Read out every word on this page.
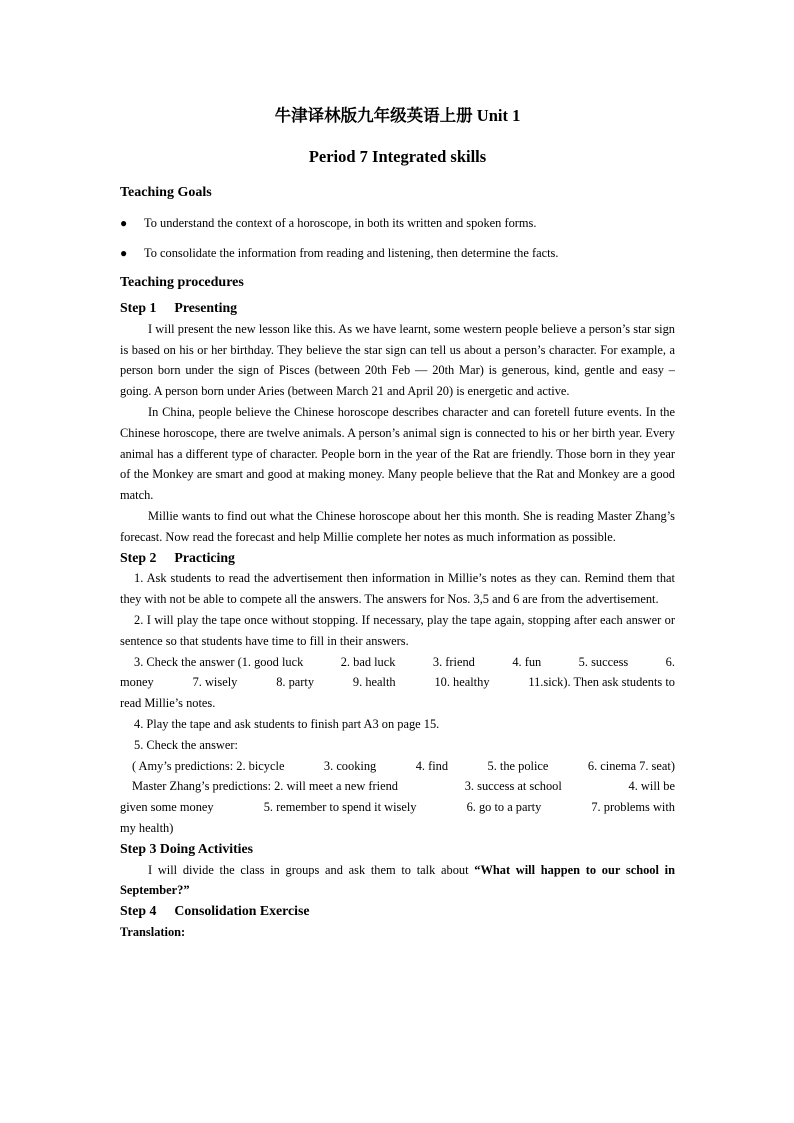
牛津译林版九年级英语上册 Unit 1
Period 7 Integrated skills
Teaching Goals
●	To understand the context of a horoscope, in both its written and spoken forms.
●	To consolidate the information from reading and listening, then determine the facts.
Teaching procedures
Step 1 Presenting

I will present the new lesson like this. As we have learnt, some western people believe a person’s star sign is based on his or her birthday. They believe the star sign can tell us about a person’s character. For example, a person born under the sign of Pisces (between 20th Feb — 20th Mar) is generous, kind, gentle and easy – going. A person born under Aries (between March 21 and April 20) is energetic and active.

In China, people believe the Chinese horoscope describes character and can foretell future events. In the Chinese horoscope, there are twelve animals. A person’s animal sign is connected to his or her birth year. Every animal has a different type of character. People born in the year of the Rat are friendly. Those born in they year of the Monkey are smart and good at making money. Many people believe that the Rat and Monkey are a good match.

Millie wants to find out what the Chinese horoscope about her this month. She is reading Master Zhang’s forecast. Now read the forecast and help Millie complete her notes as much information as possible.

Step 2 Practicing

1. Ask students to read the advertisement then information in Millie’s notes as they can. Remind them that they with not be able to compete all the answers. The answers for Nos. 3,5 and 6 are from the advertisement.

2. I will play the tape once without stopping. If necessary, play the tape again, stopping after each answer or sentence so that students have time to fill in their answers.

3. Check the answer (1. good luck	2. bad luck	3. friend	4. fun	5. success	6.
money	7. wisely	8. party	9. health	10. healthy	11.sick). Then ask students to

read Millie’s notes.

4. Play the tape and ask students to finish part A3 on page 15.

5. Check the answer:

( Amy’s predictions: 2. bicycle	3. cooking	4. find	5. the police	6. cinema 7. seat)
Master Zhang’s predictions: 2. will meet a new friend	3. success at school	4. will be
given some money	5. remember to spend it wisely	6. go to a party	7. problems with

my health)

Step 3 Doing Activities

I will divide the class in groups and ask them to talk about “What will happen to our school in September?”

Step 4 Consolidation Exercise
Translation:
